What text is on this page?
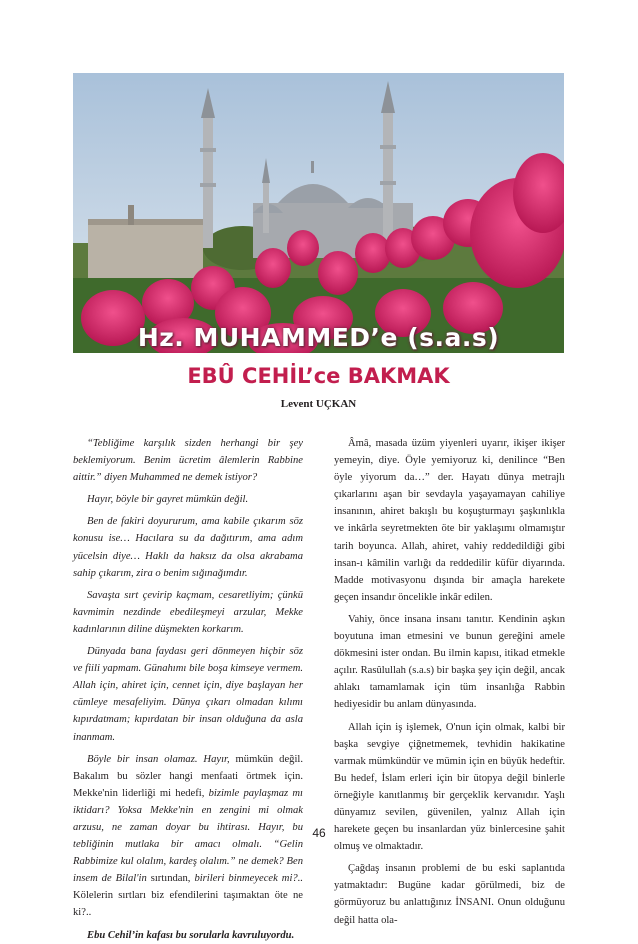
Hz. MUHAMMED’e (s.a.s)
EBÛ CEHİL’ce BAKMAK
Levent UÇKAN

“Tebliğime karşılık sizden herhangi bir şey beklemiyorum. Benim ücretim âlemlerin Rabbine aittir.” diyen Muhammed ne demek istiyor?

Hayır, böyle bir gayret mümkün değil.

Ben de fakiri doyururum, ama kabile çıkarım söz konusu ise… Hacılara su da dağıtırım, ama adım yücelsin diye… Haklı da haksız da olsa akrabama sahip çıkarım, zira o benim sığınağımdır.

Savaşta sırt çevirip kaçmam, cesaretliyim; çünkü kavmimin nezdinde ebedileşmeyi arzular, Mekke kadınlarının diline düşmekten korkarım.

Dünyada bana faydası geri dönmeyen hiçbir söz ve fiili yapmam. Günahımı bile boşa kimseye vermem. Allah için, ahiret için, cennet için, diye başlayan her cümleye mesafeliyim. Dünya çıkarı olmadan kılımı kıpırdatmam; kıpırdatan bir insan olduğuna da asla inanmam.

Böyle bir insan olamaz. Hayır, mümkün değil. Bakalım bu sözler hangi menfaati örtmek için. Mekke'nin liderliği mi hedefi, bizimle paylaşmaz mı iktidarı? Yoksa Mekke'nin en zengini mi olmak arzusu, ne zaman doyar bu ihtirası. Hayır, bu tebliğinin mutlaka bir amacı olmalı. “Gelin Rabbimize kul olalım, kardeş olalım.” ne demek? Ben insem de Bilal'in sırtından, birileri binmeyecek mi?.. Kölelerin sırtları biz efendilerini taşımaktan öte ne ki?..

Ebu Cehil’in kafası bu sorularla kavruluyordu.

Âmâ, masada üzüm yiyenleri uyarır, ikişer ikişer yemeyin, diye. Öyle yemiyoruz ki, denilince “Ben öyle yiyorum da…” der. Hayatı dünya metrajlı çıkarlarını aşan bir sevdayla yaşayamayan cahiliye insanının, ahiret bakışlı bu koşuşturmayı şaşkınlıkla ve inkârla seyretmekten öte bir yaklaşımı olmamıştır tarih boyunca. Allah, ahiret, vahiy reddedildiği gibi insan-ı kâmilin varlığı da reddedilir küfür diyarında. Madde motivasyonu dışında bir amaçla harekete geçen insandır öncelikle inkâr edilen.

Vahiy, önce insana insanı tanıtır. Kendinin aşkın boyutuna iman etmesini ve bunun gereğini amele dökmesini ister ondan. Bu ilmin kapısı, itikad etmekle açılır. Rasûlullah (s.a.s) bir başka şey için değil, ancak ahlakı tamamlamak için tüm insanlığa Rabbin hediyesidir bu anlam dünyasında.

Allah için iş işlemek, O'nun için olmak, kalbi bir başka sevgiye çiğnetmemek, tevhidin hakikatine varmak mümkündür ve mümin için en büyük hedeftir. Bu hedef, İslam erleri için bir ütopya değil binlerle örneğiyle kanıtlanmış bir gerçeklik kervanıdır. Yaşlı dünyamız sevilen, güvenilen, yalnız Allah için harekete geçen bu insanlardan yüz binlercesine şahit olmuş ve olmaktadır.

Çağdaş insanın problemi de bu eski saplantıda yatmaktadır: Bugüne kadar görülmedi, biz de görmüyoruz bu anlattığınız İNSANI. Onun olduğunu değil hatta ola-

46
